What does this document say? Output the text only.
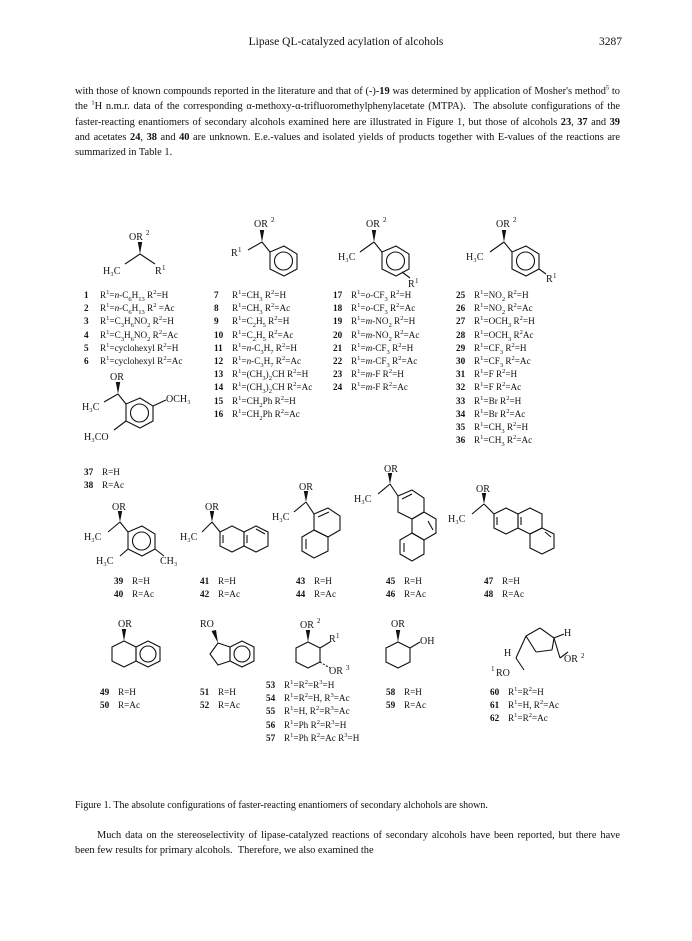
Lipase QL-catalyzed acylation of alcohols	3287

with those of known compounds reported in the literature and that of (-)-19 was determined by application of Mosher's method$^5$ to the $^1$H n.m.r. data of the corresponding α-methoxy-α-trifluoromethylphenylacetate (MTPA).  The absolute configurations of the faster-reacting enantiomers of secondary alcohols examined here are illustrated in Figure 1, but those of alcohols 23, 37 and 39 and acetates 24, 38 and 40 are unknown. E.e.-values and isolated yields of products together with E-values of the reactions are summarized in Table 1.

OR 2
H₃C	R 1
OR 2
R 1
OR 2
H₃C
R 1
OR 2
H₃C
R 1
1 $R^1=n-C_6H_{13}$ $R^2=H$
2 $R^1=n-C_6H_{13}$ $R^2 =Ac$
3 $R^1=C_3H_6NO_2$ $R^2=H$
4 $R^1=C_3H_6NO_2$ $R^2=Ac$
5 $R^1=cyclohexyl$ $R^2=H$
6 $R^1=cyclohexyl$ $R^2=Ac$
7 $R^1=CH_3$ $R^2=H$
8 $R^1=CH_3$ $R^2=Ac$
9 $R^1=C_2H_5$ $R^2=H$
10 $R^1=C_2H_5$ $R^2=Ac$
11 $R^1=n-C_3H_7$ $R^2=H$
12 $R^1=n-C_3H_7$ $R^2=Ac$
13 $R^1=(CH_3)_2CH$ $R^2=H$
14 $R^1=(CH_3)_2CH$ $R^2=Ac$
15 $R^1=CH_2Ph$ $R^2=H$
16 $R^1=CH_2Ph$ $R^2=Ac$
17 $R^1=o-CF_3$ $R^2=H$
18 $R^1=o-CF_3$ $R^2=Ac$
19 $R^1=m-NO_2$ $R^2=H$
20 $R^1=m-NO_2$ $R^2=Ac$
21 $R^1=m-CF_3$ $R^2=H$
22 $R^1=m-CF_3$ $R^2=Ac$
23 $R^1=m-F$ $R^2=H$
24 $R^1=m-F$ $R^2=Ac$
25 $R^1=NO_2$ $R^2=H$
26 $R^1=NO_2$ $R^2=Ac$
27 $R^1=OCH_3$ $R^2=H$
28 $R^1=OCH_3$ $R^2Ac$
29 $R^1=CF_3$ $R^2=H$
30 $R^1=CF_3$ $R^2=Ac$
31 $R^1=F$ $R^2=H$
32 $R^1=F$ $R^2=Ac$
33 $R^1=Br$ $R^2=H$
34 $R^1=Br$ $R^2=Ac$
35 $R^1=CH_3$ $R^2=H$
36 $R^1=CH_3$ $R^2=Ac$
OR
H₃C
OCH₃
H₃CO
37 R=H
38 R=Ac
OR
H₃C
H₃C	CH₃
OR
H₃C
OR
H₃C
OR
H₃C
OR
H₃C
39 R=H
40 R=Ac
41 R=H
42 R=Ac
43 R=H
44 R=Ac
45 R=H
46 R=Ac
47 R=H
48 R=Ac
OR	RO	OR 2
R 1
OR 3
OR
OH
H
H
RO
1
OR 2
49 R=H
50 R=Ac
51 R=H
52 R=Ac
53 $R^1=R^2=R^3=H$
54 $R^1=R^2=H$, $R^3=Ac$
55 $R^1=H$, $R^2=R^3=Ac$
56 $R^1=Ph$ $R^2=R^3=H$
57 $R^1=Ph$ $R^2=Ac$ $R^3=H$
58 R=H
59 R=Ac
60 $R^1=R^2=H$
61 $R^1=H$, $R^2=Ac$
62 $R^1=R^2=Ac$
Figure 1. The absolute configurations of faster-reacting enantiomers of secondary alchohols are shown.

Much data on the stereoselectivity of lipase-catalyzed reactions of secondary alcohols have been reported, but there have been few results for primary alcohols.  Therefore, we also examined the
